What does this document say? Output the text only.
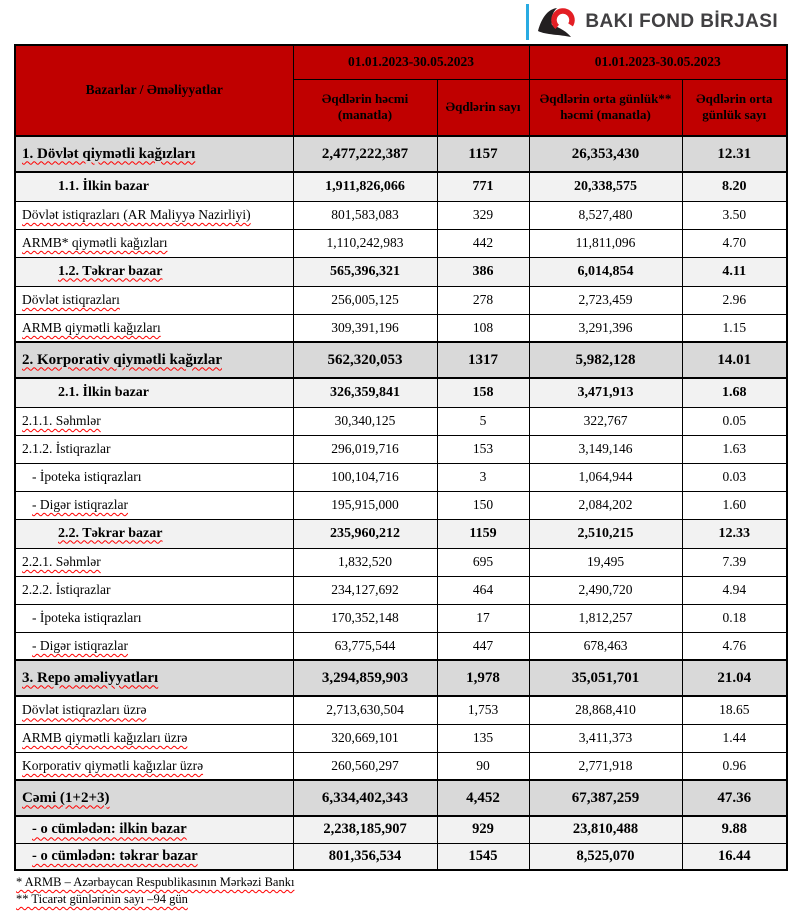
BAKI FOND BİRJASI
Bazarlar / Əməliyyatlar	01.01.2023-30.05.2023		01.01.2023-30.05.2023	
	Əqdlərin həcmi (manatla)	Əqdlərin sayı	Əqdlərin orta günlük** həcmi (manatla)	Əqdlərin orta günlük sayı
1. Dövlət qiymətli kağızları	2,477,222,387	1157	26,353,430	12.31
1.1. İlkin bazar	1,911,826,066	771	20,338,575	8.20
Dövlət istiqrazları (AR Maliyyə Nazirliyi)	801,583,083	329	8,527,480	3.50
ARMB* qiymətli kağızları	1,110,242,983	442	11,811,096	4.70
1.2. Təkrar bazar	565,396,321	386	6,014,854	4.11
Dövlət istiqrazları	256,005,125	278	2,723,459	2.96
ARMB qiymətli kağızları	309,391,196	108	3,291,396	1.15
2. Korporativ qiymətli kağızlar	562,320,053	1317	5,982,128	14.01
2.1. İlkin bazar	326,359,841	158	3,471,913	1.68
2.1.1. Səhmlər	30,340,125	5	322,767	0.05
2.1.2. İstiqrazlar	296,019,716	153	3,149,146	1.63
- İpoteka istiqrazları	100,104,716	3	1,064,944	0.03
- Digər istiqrazlar	195,915,000	150	2,084,202	1.60
2.2. Təkrar bazar	235,960,212	1159	2,510,215	12.33
2.2.1. Səhmlər	1,832,520	695	19,495	7.39
2.2.2. İstiqrazlar	234,127,692	464	2,490,720	4.94
- İpoteka istiqrazları	170,352,148	17	1,812,257	0.18
- Digər istiqrazlar	63,775,544	447	678,463	4.76
3. Repo əməliyyatları	3,294,859,903	1,978	35,051,701	21.04
Dövlət istiqrazları üzrə	2,713,630,504	1,753	28,868,410	18.65
ARMB qiymətli kağızları üzrə	320,669,101	135	3,411,373	1.44
Korporativ qiymətli kağızlar üzrə	260,560,297	90	2,771,918	0.96
Cəmi (1+2+3)	6,334,402,343	4,452	67,387,259	47.36
- o cümlədən: ilkin bazar	2,238,185,907	929	23,810,488	9.88
- o cümlədən: təkrar bazar	801,356,534	1545	8,525,070	16.44
* ARMB – Azərbaycan Respublikasının Mərkəzi Bankı
** Ticarət günlərinin sayı –94 gün
